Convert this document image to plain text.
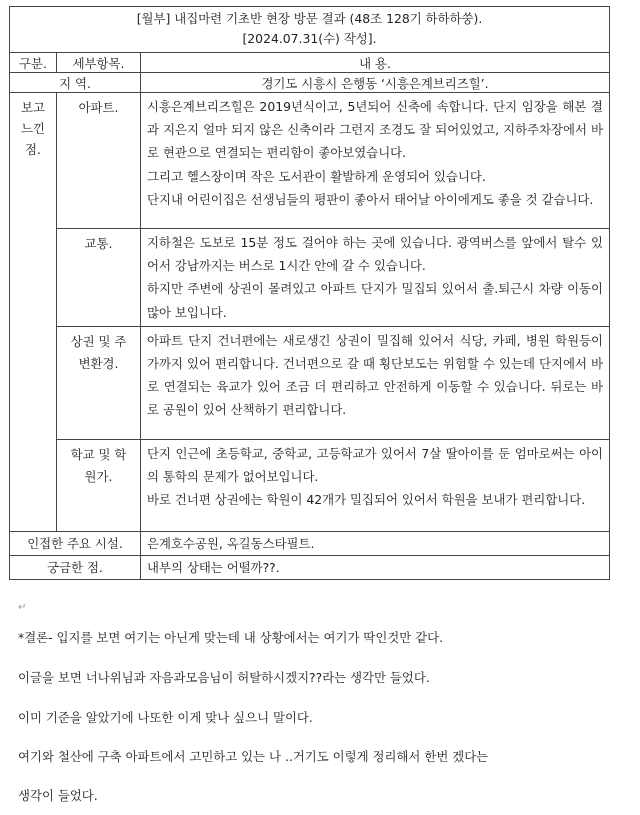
[월부] 내집마련 기초반 현장 방문 결과 (48조 128기 하하하쑹).
[2024.07.31(수) 작성].		

구분.	세부항목.	내 용.
지 역.		경기도 시흥시 은행동 ‘시흥은계브리즈힐’.

보고 느낀 점.	아파트.	시흥은계브리즈힐은 2019년식이고, 5년되어 신축에 속합니다. 단지 임장을 해본 결과 지은지 얼마 되지 않은 신축이라 그런지 조경도 잘 되어있었고, 지하주차장에서 바로 현관으로 연결되는 편리함이 좋아보였습니다.

그리고 헬스장이며 작은 도서관이 활발하게 운영되어 있습니다.

단지내 어린이집은 선생님들의 평판이 좋아서 태어날 아이에게도 좋을 것 같습니다.

	교통.	지하철은 도보로 15분 정도 걸어야 하는 곳에 있습니다. 광역버스를 앞에서 탈수 있어서 강남까지는 버스로 1시간 안에 갈 수 있습니다.

하지만 주변에 상권이 몰려있고 아파트 단지가 밀집되 있어서 출.퇴근시 차량 이동이 많아 보입니다.

	상권 및 주변환경.	아파트 단지 건너편에는 새로생긴 상권이 밀집해 있어서 식당, 카페, 병원 학원등이 가까지 있어 편리합니다. 건너편으로 갈 때 횡단보도는 위험할 수 있는데 단지에서 바로 연결되는 육교가 있어 조금 더 편리하고 안전하게 이동할 수 있습니다. 뒤로는 바로 공원이 있어 산책하기 편리합니다.

	학교 및 학원가.	단지 인근에 초등학교, 중학교, 고등학교가 있어서 7살 딸아이를 둔 엄마로써는 아이의 통학의 문제가 없어보입니다.

바로 건너편 상권에는 학원이 42개가 밀집되어 있어서 학원을 보내가 편리합니다.

인접한 주요 시설.		은계호수공원, 옥길동스타필트.
궁금한 점.		내부의 상태는 어떨까??.
↵
*결론- 입지를 보면 여기는 아닌게 맞는데 내 상황에서는 여기가 딱인것만 같다.
이글을 보면 너나위님과 자음과모음님이 허탈하시겠지??라는 생각만 들었다.
이미 기준을 알았기에 나또한 이게 맞나 싶으니 말이다.
여기와 철산에 구축 아파트에서 고민하고 있는 나 ..거기도 이렇게 정리해서 한번 겠다는
생각이 들었다.
